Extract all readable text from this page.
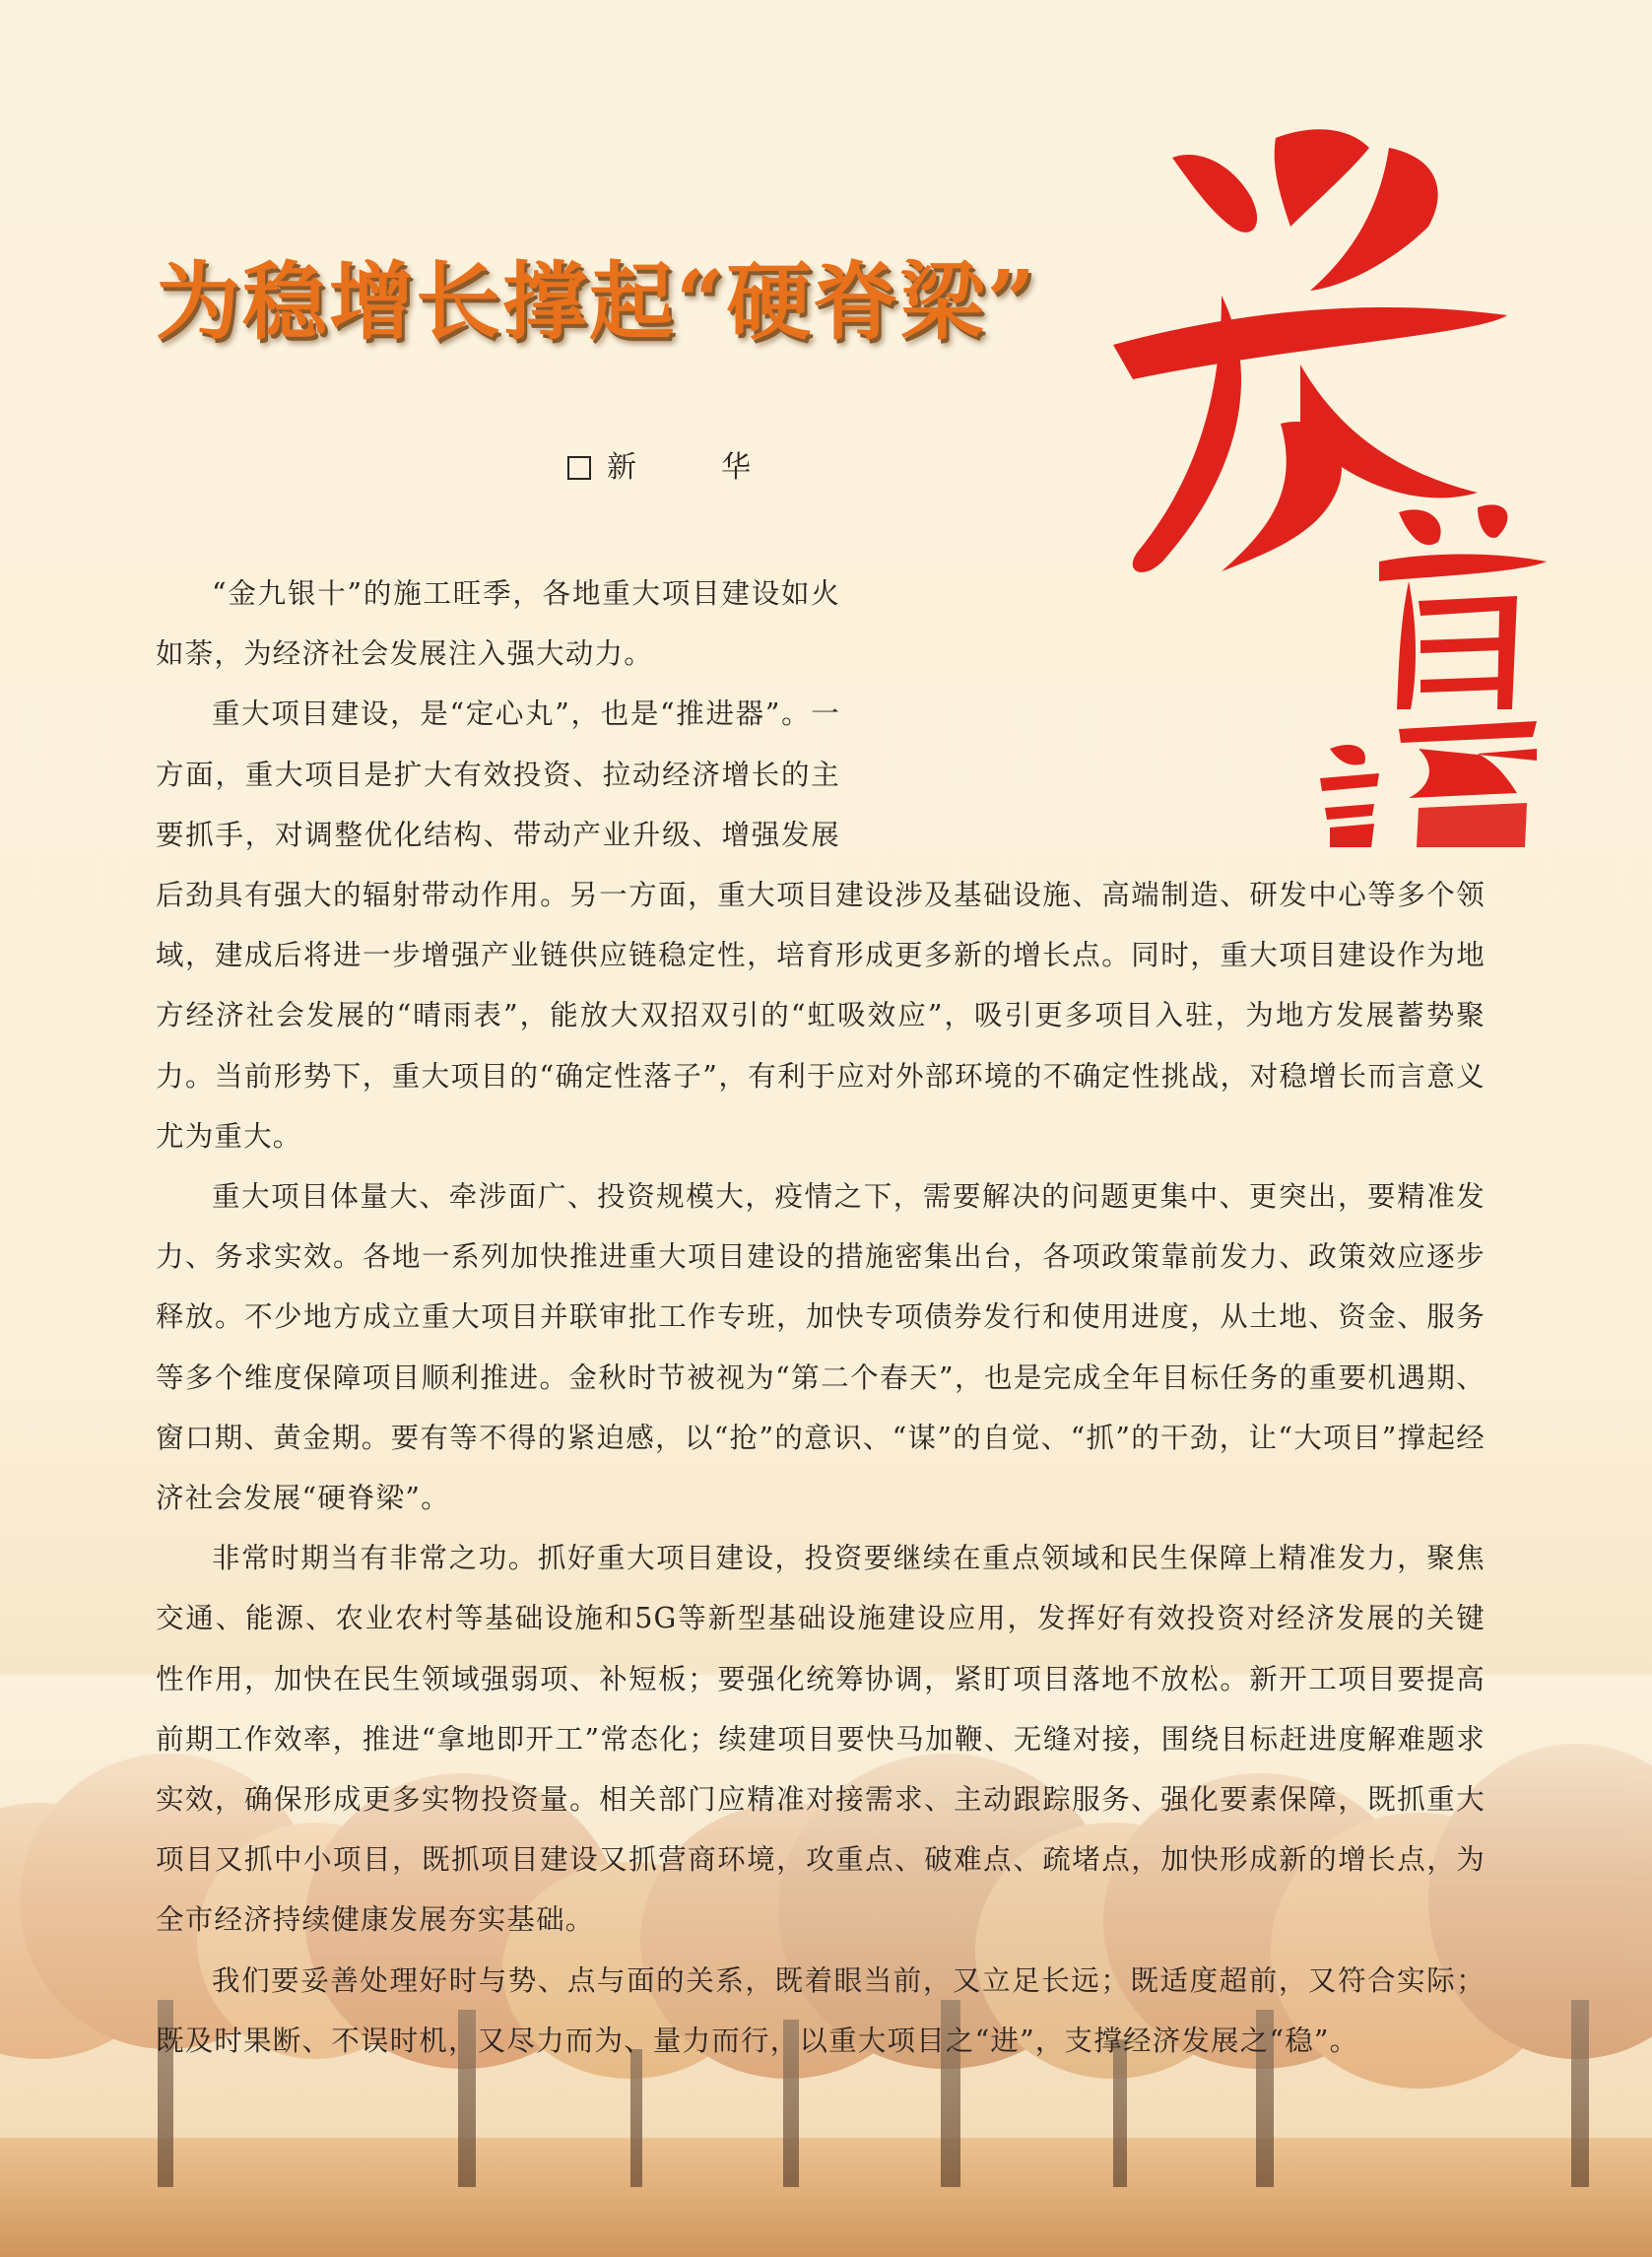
为稳增长撑起“硬脊梁”
新　华

“金九银十”的施工旺季，各地重大项目建设如火如荼，为经济社会发展注入强大动力。

重大项目建设，是“定心丸”，也是“推进器”。一方面，重大项目是扩大有效投资、拉动经济增长的主要抓手，对调整优化结构、带动产业升级、增强发展后劲具有强大的辐射带动作用。另一方面，重大项目建设涉及基础设施、高端制造、研发中心等多个领域，建成后将进一步增强产业链供应链稳定性，培育形成更多新的增长点。同时，重大项目建设作为地方经济社会发展的“晴雨表”，能放大双招双引的“虹吸效应”，吸引更多项目入驻，为地方发展蓄势聚力。当前形势下，重大项目的“确定性落子”，有利于应对外部环境的不确定性挑战，对稳增长而言意义尤为重大。

重大项目体量大、牵涉面广、投资规模大，疫情之下，需要解决的问题更集中、更突出，要精准发力、务求实效。各地一系列加快推进重大项目建设的措施密集出台，各项政策靠前发力、政策效应逐步释放。不少地方成立重大项目并联审批工作专班，加快专项债券发行和使用进度，从土地、资金、服务等多个维度保障项目顺利推进。金秋时节被视为“第二个春天”，也是完成全年目标任务的重要机遇期、窗口期、黄金期。要有等不得的紧迫感，以“抢”的意识、“谋”的自觉、“抓”的干劲，让“大项目”撑起经济社会发展“硬脊梁”。

非常时期当有非常之功。抓好重大项目建设，投资要继续在重点领域和民生保障上精准发力，聚焦交通、能源、农业农村等基础设施和5G等新型基础设施建设应用，发挥好有效投资对经济发展的关键性作用，加快在民生领域强弱项、补短板；要强化统筹协调，紧盯项目落地不放松。新开工项目要提高前期工作效率，推进“拿地即开工”常态化；续建项目要快马加鞭、无缝对接，围绕目标赶进度解难题求实效，确保形成更多实物投资量。相关部门应精准对接需求、主动跟踪服务、强化要素保障，既抓重大项目又抓中小项目，既抓项目建设又抓营商环境，攻重点、破难点、疏堵点，加快形成新的增长点，为全市经济持续健康发展夯实基础。

我们要妥善处理好时与势、点与面的关系，既着眼当前，又立足长远；既适度超前，又符合实际；既及时果断、不误时机，又尽力而为、量力而行，以重大项目之“进”，支撑经济发展之“稳”。
